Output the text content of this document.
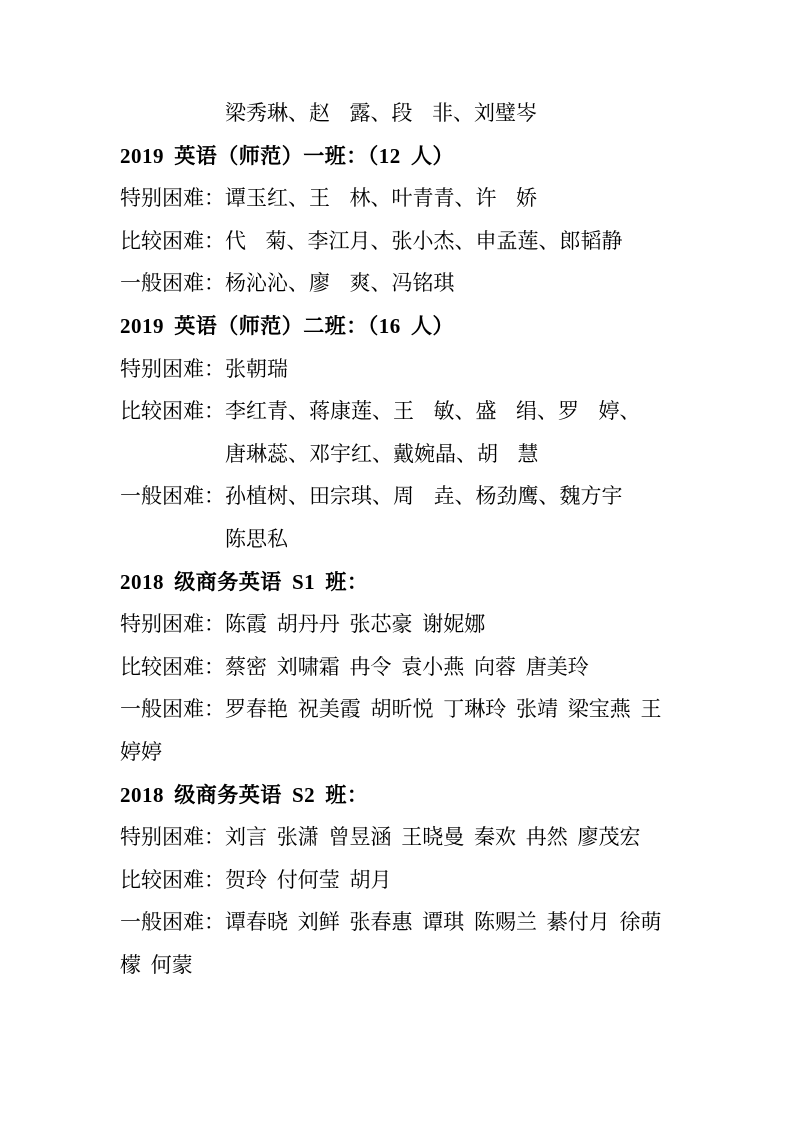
梁秀琳、赵  露、段  非、刘璧岑
2019 英语（师范）一班：（12 人）
特别困难：谭玉红、王  林、叶青青、许  娇
比较困难：代  菊、李江月、张小杰、申孟莲、郎韬静
一般困难：杨沁沁、廖  爽、冯铭琪
2019 英语（师范）二班：（16 人）
特别困难：张朝瑞
比较困难：李红青、蒋康莲、王  敏、盛  绢、罗  婷、
唐琳蕊、邓宇红、戴婉晶、胡  慧
一般困难：孙植树、田宗琪、周  垚、杨劲鹰、魏方宇
陈思私
2018 级商务英语 S1 班：
特别困难：陈霞 胡丹丹 张芯豪 谢妮娜
比较困难：蔡密 刘啸霜 冉令 袁小燕 向蓉 唐美玲
一般困难：罗春艳 祝美霞 胡昕悦 丁琳玲 张靖 梁宝燕 王
婷婷
2018 级商务英语 S2 班：
特别困难：刘言 张潇 曾昱涵 王晓曼 秦欢 冉然 廖茂宏
比较困难：贺玲 付何莹 胡月
一般困难：谭春晓 刘鲜 张春惠 谭琪 陈赐兰 綦付月 徐萌
檬 何蒙
